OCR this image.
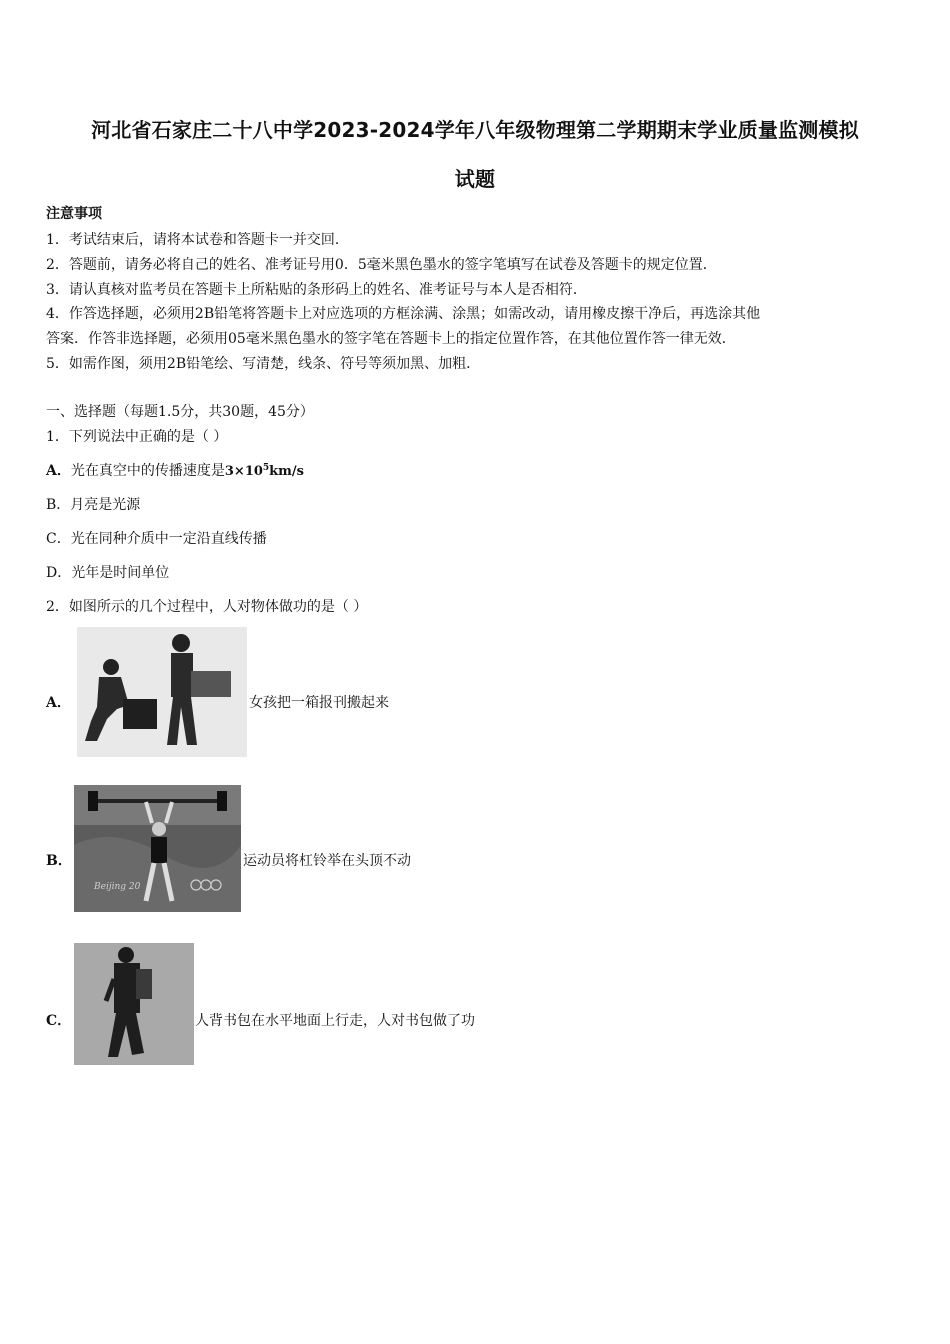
河北省石家庄二十八中学2023-2024学年八年级物理第二学期期末学业质量监测模拟
试题
注意事项
1．考试结束后，请将本试卷和答题卡一并交回．
2．答题前，请务必将自己的姓名、准考证号用0．5毫米黑色墨水的签字笔填写在试卷及答题卡的规定位置．
3．请认真核对监考员在答题卡上所粘贴的条形码上的姓名、准考证号与本人是否相符．
4．作答选择题，必须用2B铅笔将答题卡上对应选项的方框涂满、涂黑；如需改动，请用橡皮擦干净后，再选涂其他
答案．作答非选择题，必须用05毫米黑色墨水的签字笔在答题卡上的指定位置作答，在其他位置作答一律无效．
5．如需作图，须用2B铅笔绘、写清楚，线条、符号等须加黑、加粗．
一、选择题（每题1.5分，共30题，45分）
1．下列说法中正确的是（ ）
A．光在真空中的传播速度是$3\times 10^5km/s$
B．月亮是光源
C．光在同种介质中一定沿直线传播
D．光年是时间单位
2．如图所示的几个过程中，人对物体做功的是（ ）
A．	女孩把一箱报刊搬起来
B．
Beijing 20
运动员将杠铃举在头顶不动
C．	人背书包在水平地面上行走，人对书包做了功
